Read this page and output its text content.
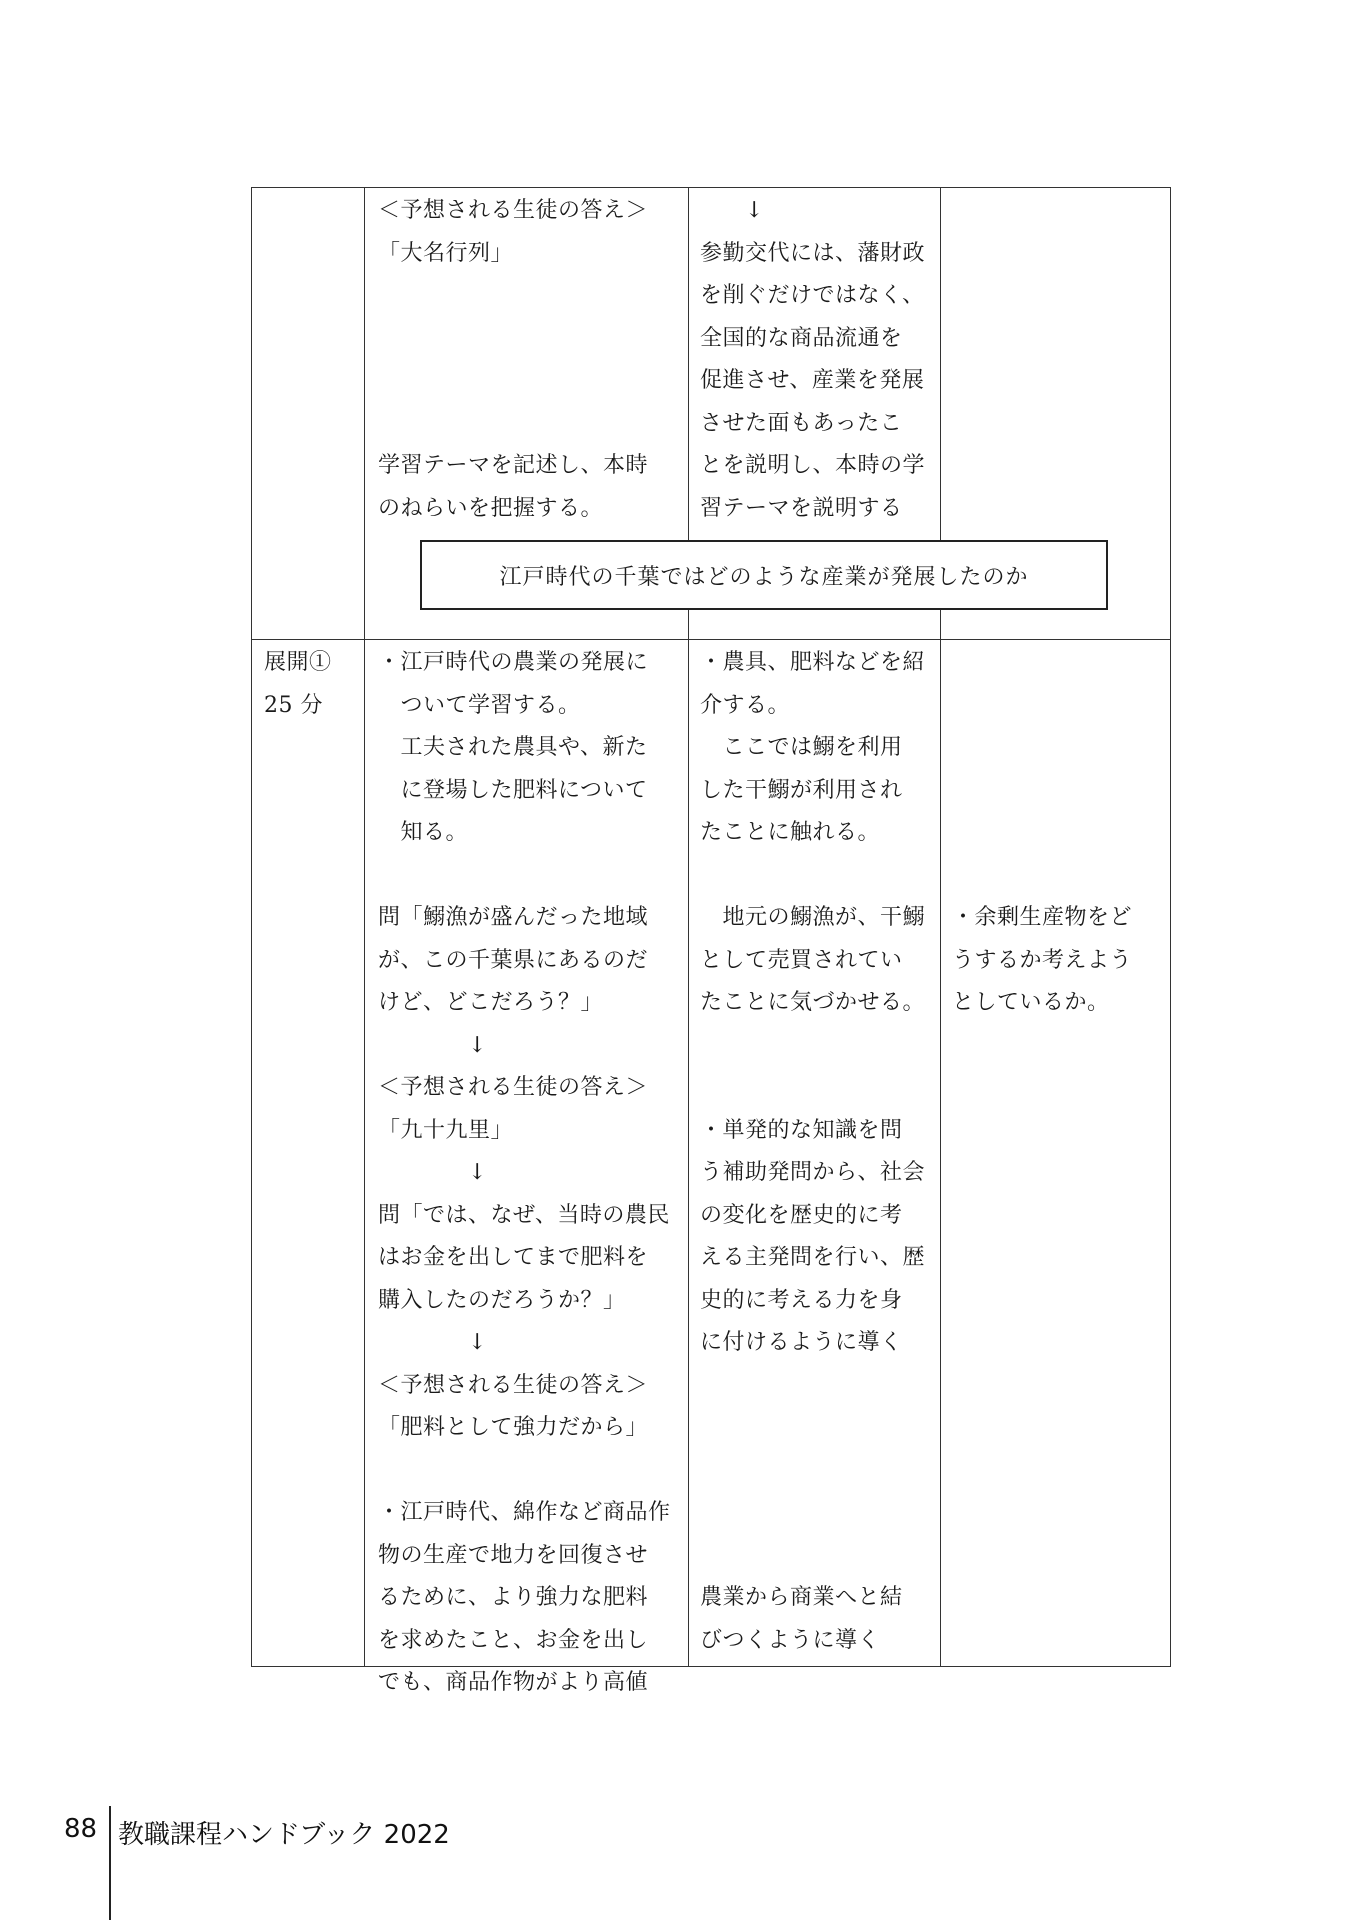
＜予想される生徒の答え＞
「大名行列」

学習テーマを記述し、本時
のねらいを把握する。
　　↓
参勤交代には、藩財政
を削ぐだけではなく、
全国的な商品流通を
促進させ、産業を発展
させた面もあったこ
とを説明し、本時の学
習テーマを説明する
江戸時代の千葉ではどのような産業が発展したのか
展開①
25 分
・江戸時代の農業の発展に
　ついて学習する。
　工夫された農具や、新た
　に登場した肥料について
　知る。

問「鰯漁が盛んだった地域
が、この千葉県にあるのだ
けど、どこだろう？」
　　　　↓
＜予想される生徒の答え＞
「九十九里」
　　　　↓
問「では、なぜ、当時の農民
はお金を出してまで肥料を
購入したのだろうか？」
　　　　↓
＜予想される生徒の答え＞
「肥料として強力だから」

・江戸時代、綿作など商品作
物の生産で地力を回復させ
るために、より強力な肥料
を求めたこと、お金を出し
でも、商品作物がより高値
・農具、肥料などを紹
介する。
　ここでは鰯を利用
した干鰯が利用され
たことに触れる。

　地元の鰯漁が、干鰯
として売買されてい
たことに気づかせる。

・単発的な知識を問
う補助発問から、社会
の変化を歴史的に考
える主発問を行い、歴
史的に考える力を身
に付けるように導く

農業から商業へと結
びつくように導く

・余剰生産物をど
うするか考えよう
としているか。
88 教職課程ハンドブック 2022
